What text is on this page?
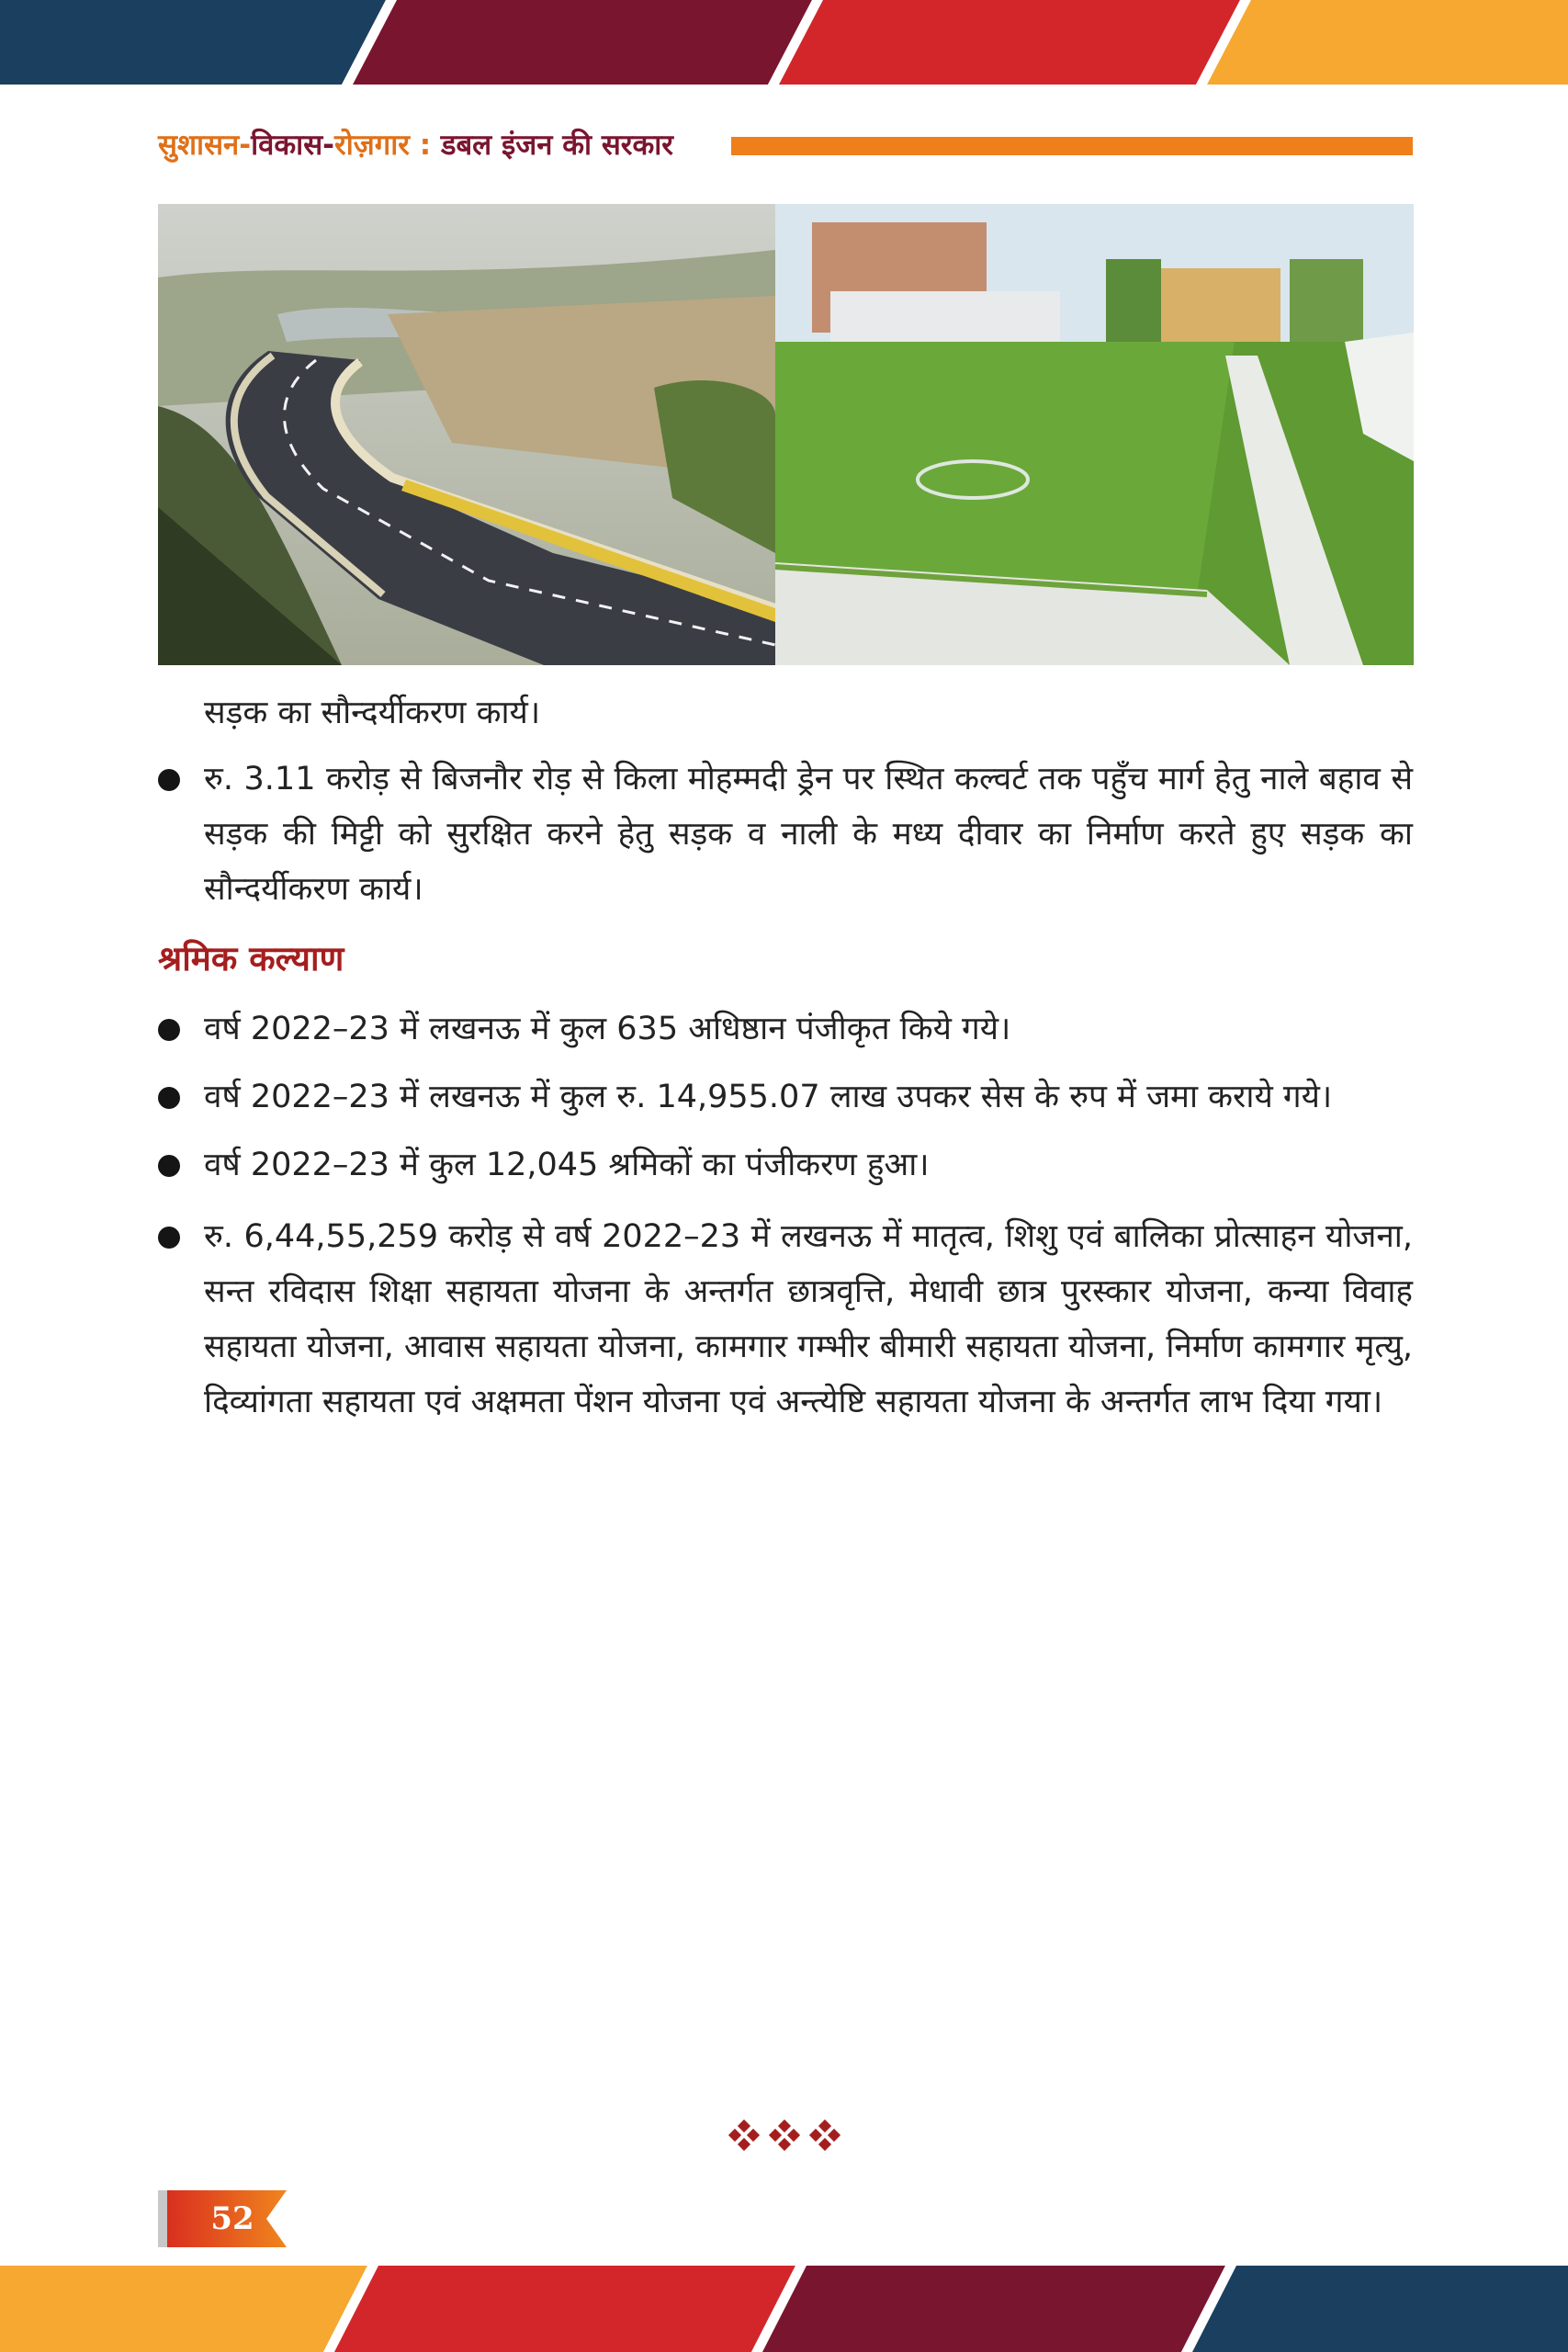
सुशासन-विकास-रोज़गार : डबल इंजन की सरकार
सड़क का सौन्दर्यीकरण कार्य।
रु. 3.11 करोड़ से बिजनौर रोड़ से किला मोहम्मदी ड्रेन पर स्थित कल्वर्ट तक पहुँच मार्ग हेतु नाले बहाव से सड़क की मिट्टी को सुरक्षित करने हेतु सड़क व नाली के मध्य दीवार का निर्माण करते हुए सड़क का सौन्दर्यीकरण कार्य।
श्रमिक कल्याण
वर्ष 2022–23 में लखनऊ में कुल 635 अधिष्ठान पंजीकृत किये गये।
वर्ष 2022–23 में लखनऊ में कुल रु. 14,955.07 लाख उपकर सेस के रुप में जमा कराये गये।
वर्ष 2022–23 में कुल 12,045 श्रमिकों का पंजीकरण हुआ।
रु. 6,44,55,259 करोड़ से वर्ष 2022–23 में लखनऊ में मातृत्व, शिशु एवं बालिका प्रोत्साहन योजना, सन्त रविदास शिक्षा सहायता योजना के अन्तर्गत छात्रवृत्ति, मेधावी छात्र पुरस्कार योजना, कन्या विवाह सहायता योजना, आवास सहायता योजना, कामगार गम्भीर बीमारी सहायता योजना, निर्माण कामगार मृत्यु, दिव्यांगता सहायता एवं अक्षमता पेंशन योजना एवं अन्त्येष्टि सहायता योजना के अन्तर्गत लाभ दिया गया।
52
